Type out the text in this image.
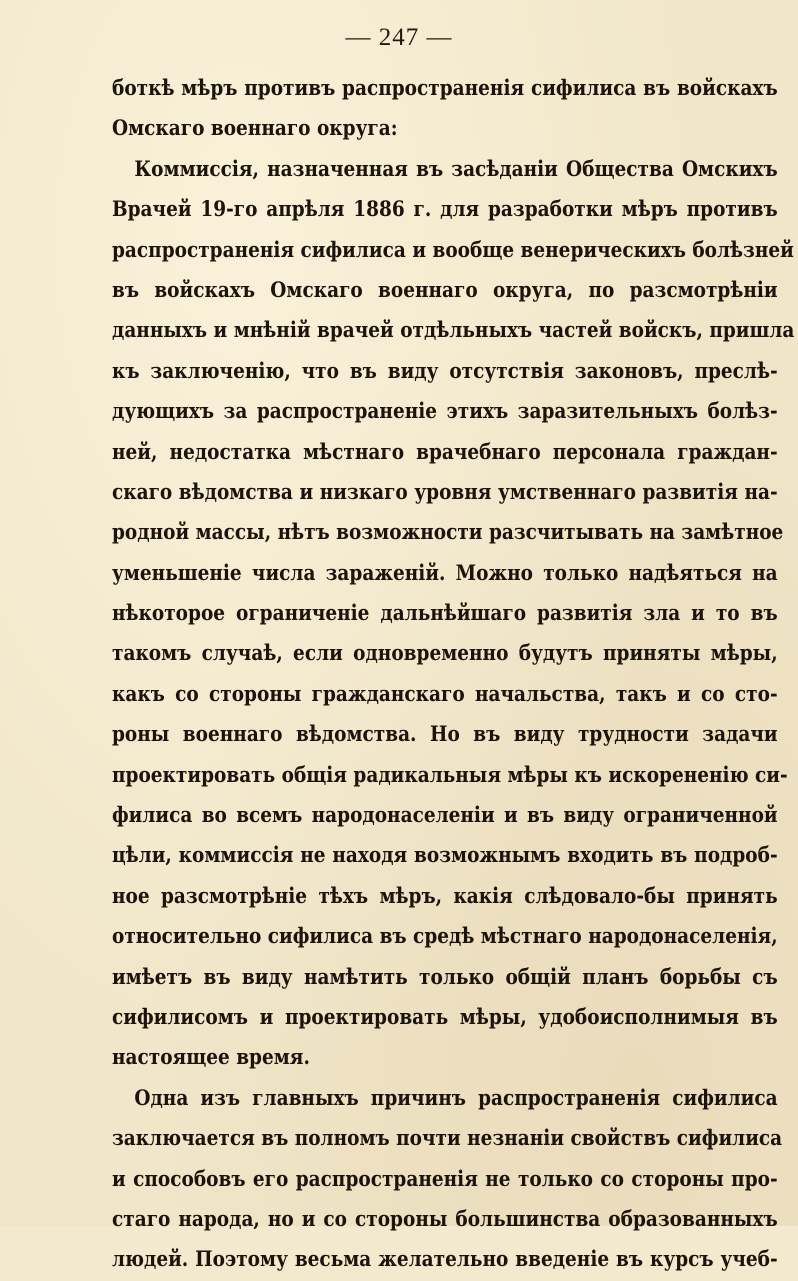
— 247 —
боткѣ мѣръ противъ распространенія сифилиса въ войскахъ
Омскаго военнаго округа:
Коммиссія, назначенная въ засѣданіи Общества Омскихъ
Врачей 19-го апрѣля 1886 г. для разработки мѣръ противъ
распространенія сифилиса и вообще венерическихъ болѣзней
въ войскахъ Омскаго военнаго округа, по разсмотрѣніи
данныхъ и мнѣній врачей отдѣльныхъ частей войскъ, пришла
къ заключенію, что въ виду отсутствія законовъ, преслѣ-
дующихъ за распространеніе этихъ заразительныхъ болѣз-
ней, недостатка мѣстнаго врачебнаго персонала граждан-
скаго вѣдомства и низкаго уровня умственнаго развитія на-
родной массы, нѣтъ возможности разсчитывать на замѣтное
уменьшеніе числа зараженій. Можно только надѣяться на
нѣкоторое ограниченіе дальнѣйшаго развитія зла и то въ
такомъ случаѣ, если одновременно будутъ приняты мѣры,
какъ со стороны гражданскаго начальства, такъ и со сто-
роны военнаго вѣдомства. Но въ виду трудности задачи
проектировать общія радикальныя мѣры къ искорененію си-
филиса во всемъ народонаселеніи и въ виду ограниченной
цѣли, коммиссія не находя возможнымъ входить въ подроб-
ное разсмотрѣніе тѣхъ мѣръ, какія слѣдовало-бы принять
относительно сифилиса въ средѣ мѣстнаго народонаселенія,
имѣетъ въ виду намѣтить только общій планъ борьбы съ
сифилисомъ и проектировать мѣры, удобоисполнимыя въ
настоящее время.
Одна изъ главныхъ причинъ распространенія сифилиса
заключается въ полномъ почти незнаніи свойствъ сифилиса
и способовъ его распространенія не только со стороны про-
стаго народа, но и со стороны большинства образованныхъ
людей. Поэтому весьма желательно введеніе въ курсъ учеб-
